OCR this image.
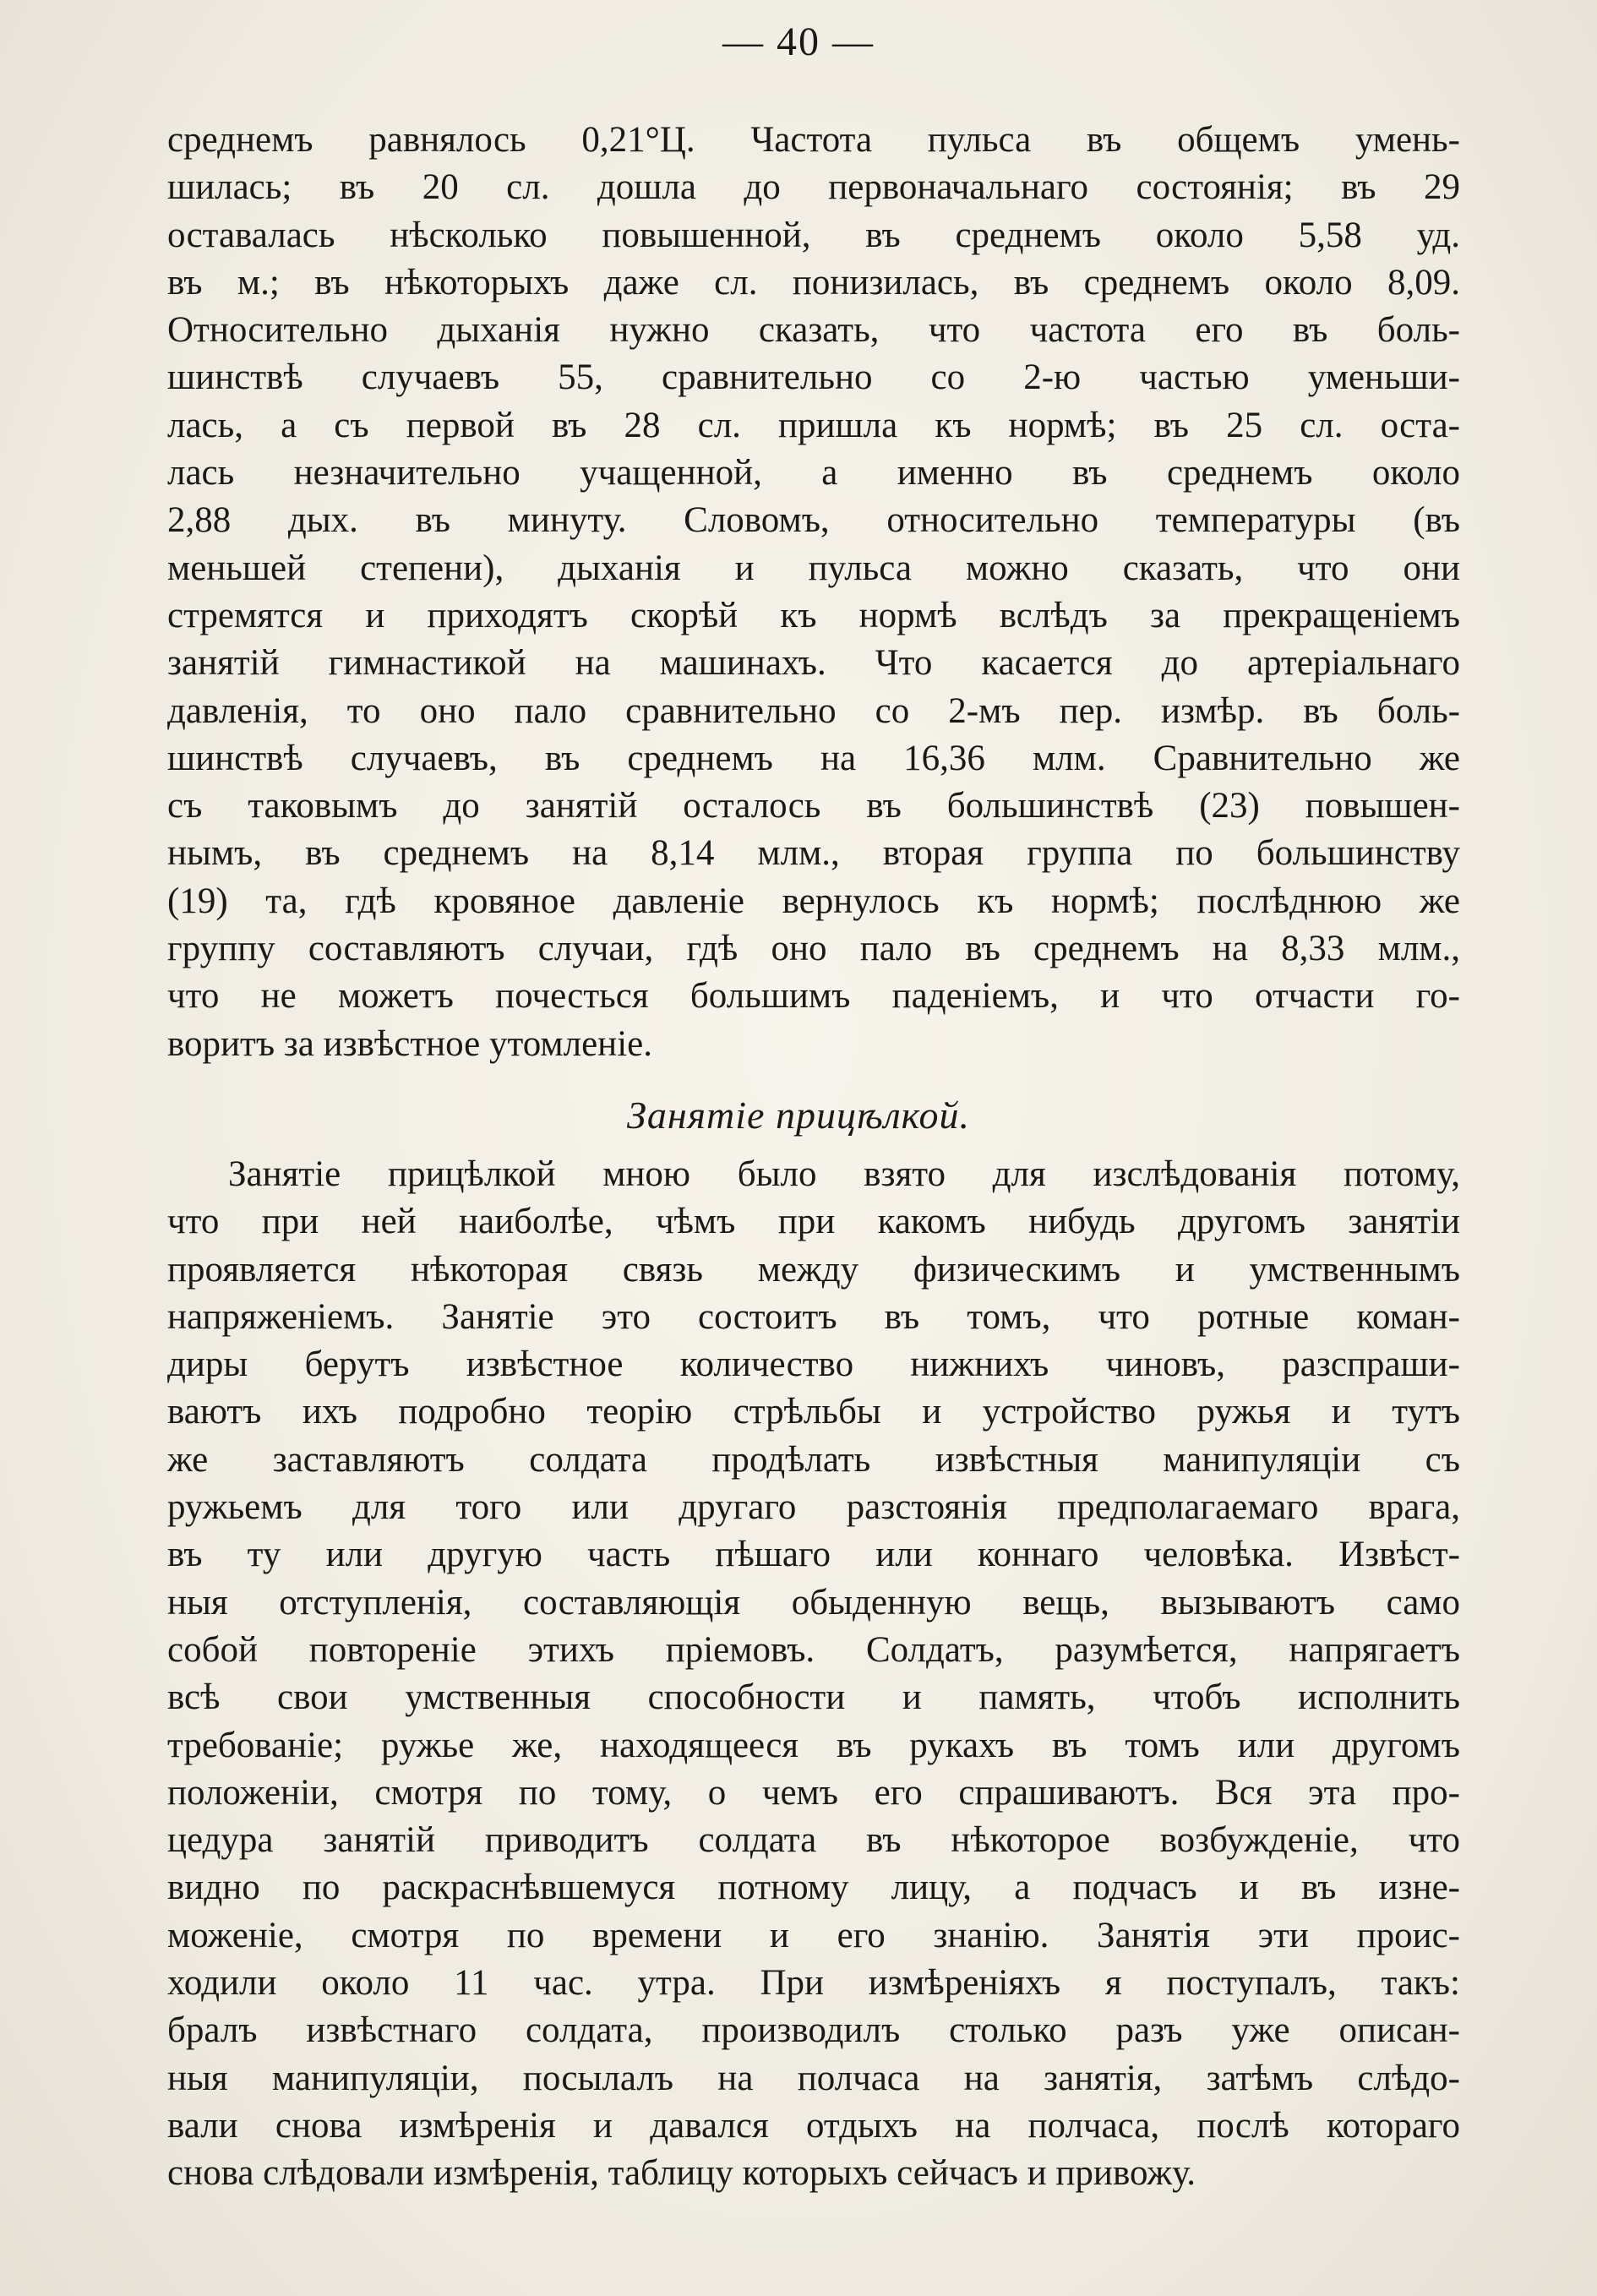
— 40 —
среднемъ равнялось 0,21°Ц. Частота пульса въ общемъ умень-
шилась; въ 20 сл. дошла до первоначальнаго состоянія; въ 29
оставалась нѣсколько повышенной, въ среднемъ около 5,58 уд.
въ м.; въ нѣкоторыхъ даже сл. понизилась, въ среднемъ около 8,09.
Относительно дыханія нужно сказать, что частота его въ боль-
шинствѣ случаевъ 55, сравнительно со 2-ю частью уменьши-
лась, а съ первой въ 28 сл. пришла къ нормѣ; въ 25 сл. оста-
лась незначительно учащенной, а именно въ среднемъ около
2,88 дых. въ минуту. Словомъ, относительно температуры (въ
меньшей степени), дыханія и пульса можно сказать, что они
стремятся и приходятъ скорѣй къ нормѣ вслѣдъ за прекращеніемъ
занятій гимнастикой на машинахъ. Что касается до артеріальнаго
давленія, то оно пало сравнительно со 2-мъ пер. измѣр. въ боль-
шинствѣ случаевъ, въ среднемъ на 16,36 млм. Сравнительно же
съ таковымъ до занятій осталось въ большинствѣ (23) повышен-
нымъ, въ среднемъ на 8,14 млм., вторая группа по большинству
(19) та, гдѣ кровяное давленіе вернулось къ нормѣ; послѣднюю же
группу составляютъ случаи, гдѣ оно пало въ среднемъ на 8,33 млм.,
что не можетъ почесться большимъ паденіемъ, и что отчасти го-
воритъ за извѣстное утомленіе.
Занятіе прицѣлкой.
Занятіе прицѣлкой мною было взято для изслѣдованія потому,
что при ней наиболѣе, чѣмъ при какомъ нибудь другомъ занятіи
проявляется нѣкоторая связь между физическимъ и умственнымъ
напряженіемъ. Занятіе это состоитъ въ томъ, что ротные коман-
диры берутъ извѣстное количество нижнихъ чиновъ, разспраши-
ваютъ ихъ подробно теорію стрѣльбы и устройство ружья и тутъ
же заставляютъ солдата продѣлать извѣстныя манипуляціи съ
ружьемъ для того или другаго разстоянія предполагаемаго врага,
въ ту или другую часть пѣшаго или коннаго человѣка. Извѣст-
ныя отступленія, составляющія обыденную вещь, вызываютъ само
собой повтореніе этихъ пріемовъ. Солдатъ, разумѣется, напрягаетъ
всѣ свои умственныя способности и память, чтобъ исполнить
требованіе; ружье же, находящееся въ рукахъ въ томъ или другомъ
положеніи, смотря по тому, о чемъ его спрашиваютъ. Вся эта про-
цедура занятій приводитъ солдата въ нѣкоторое возбужденіе, что
видно по раскраснѣвшемуся потному лицу, а подчасъ и въ изне-
моженіе, смотря по времени и его знанію. Занятія эти проис-
ходили около 11 час. утра. При измѣреніяхъ я поступалъ, такъ:
бралъ извѣстнаго солдата, производилъ столько разъ уже описан-
ныя манипуляціи, посылалъ на полчаса на занятія, затѣмъ слѣдо-
вали снова измѣренія и давался отдыхъ на полчаса, послѣ котораго
снова слѣдовали измѣренія, таблицу которыхъ сейчасъ и привожу.
